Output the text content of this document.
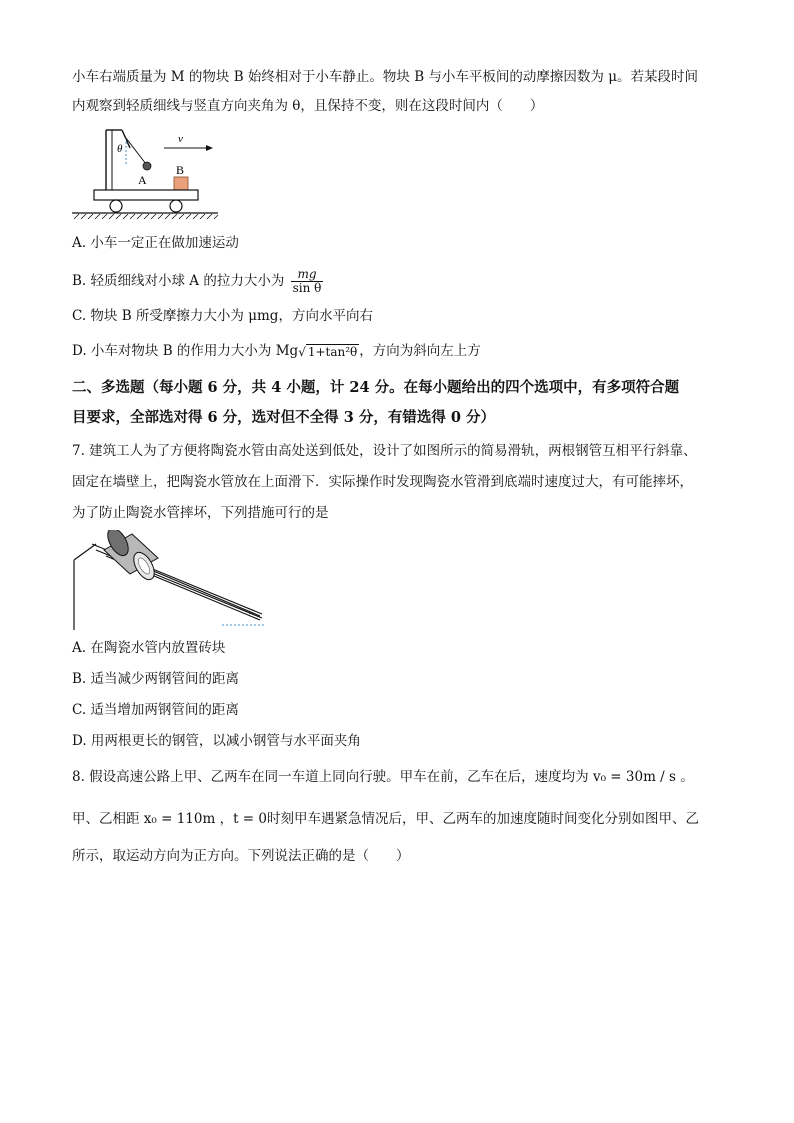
小车右端质量为 M 的物块 B 始终相对于小车静止。物块 B 与小车平板间的动摩擦因数为 μ。若某段时间
内观察到轻质细线与竖直方向夹角为 θ，且保持不变，则在这段时间内（　　）
θ
A
v
B
A. 小车一定正在做加速运动
B. 轻质细线对小球 A 的拉力大小为 $\frac{mg}{\text{sin θ}}$
C. 物块 B 所受摩擦力大小为 μmg，方向水平向右
D. 小车对物块 B 的作用力大小为 Mg√ 1+tan²θ ，方向为斜向左上方
二、多选题（每小题 6 分，共 4 小题，计 24 分。在每小题给出的四个选项中，有多项符合题
目要求，全部选对得 6 分，选对但不全得 3 分，有错选得 0 分）
7. 建筑工人为了方便将陶瓷水管由高处送到低处，设计了如图所示的简易滑轨，两根钢管互相平行斜靠、
固定在墙壁上，把陶瓷水管放在上面滑下．实际操作时发现陶瓷水管滑到底端时速度过大，有可能摔坏，
为了防止陶瓷水管摔坏，下列措施可行的是
A. 在陶瓷水管内放置砖块
B. 适当减少两钢管间的距离
C. 适当增加两钢管间的距离
D. 用两根更长的钢管，以减小钢管与水平面夹角
8. 假设高速公路上甲、乙两车在同一车道上同向行驶。甲车在前，乙车在后，速度均为 v₀ = 30m / s 。
甲、乙相距 x₀ = 110m ，t = 0时刻甲车遇紧急情况后，甲、乙两车的加速度随时间变化分别如图甲、乙
所示，取运动方向为正方向。下列说法正确的是（　　）
